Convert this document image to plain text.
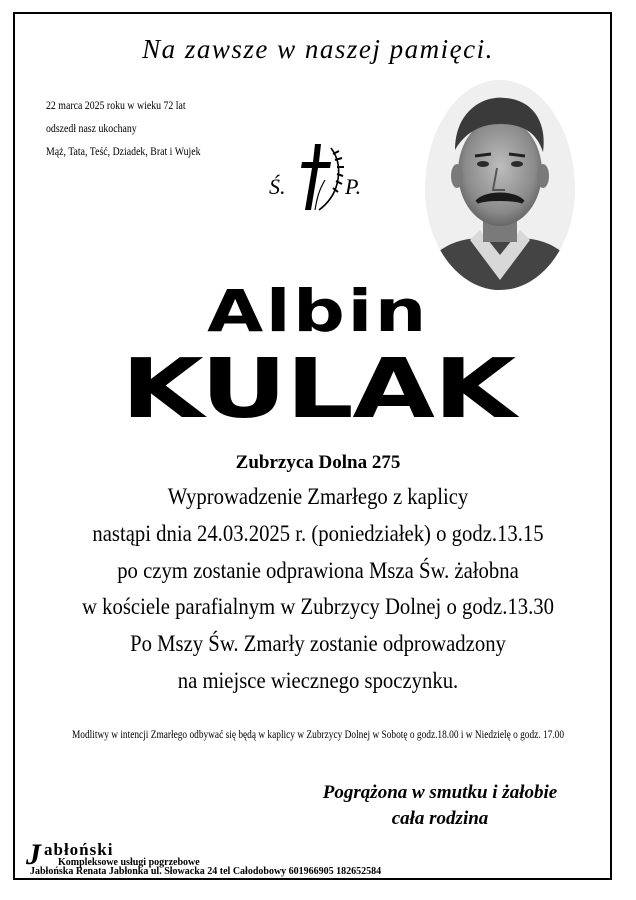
Na zawsze w naszej pamięci.
22 marca 2025 roku w wieku 72 lat
odszedł nasz ukochany
Mąż, Tata, Teść, Dziadek, Brat i Wujek
Ś.	P.
Albin
KULAK
Zubrzyca Dolna 275
Wyprowadzenie Zmarłego z kaplicy
nastąpi dnia 24.03.2025 r. (poniedziałek) o godz.13.15
po czym zostanie odprawiona Msza Św. żałobna
w kościele parafialnym w Zubrzycy Dolnej o godz.13.30
Po Mszy Św. Zmarły zostanie odprowadzony
na miejsce wiecznego spoczynku.
Modlitwy w intencji Zmarłego odbywać się będą w kaplicy w Zubrzycy Dolnej w Sobotę o godz.18.00 i w Niedzielę o godz. 17.00
Pogrążona w smutku i żałobie
cała rodzina
J abłoński
Kompleksowe usługi pogrzebowe
Jabłońska Renata Jabłonka ul. Słowacka 24 tel Całodobowy 601966905 182652584
